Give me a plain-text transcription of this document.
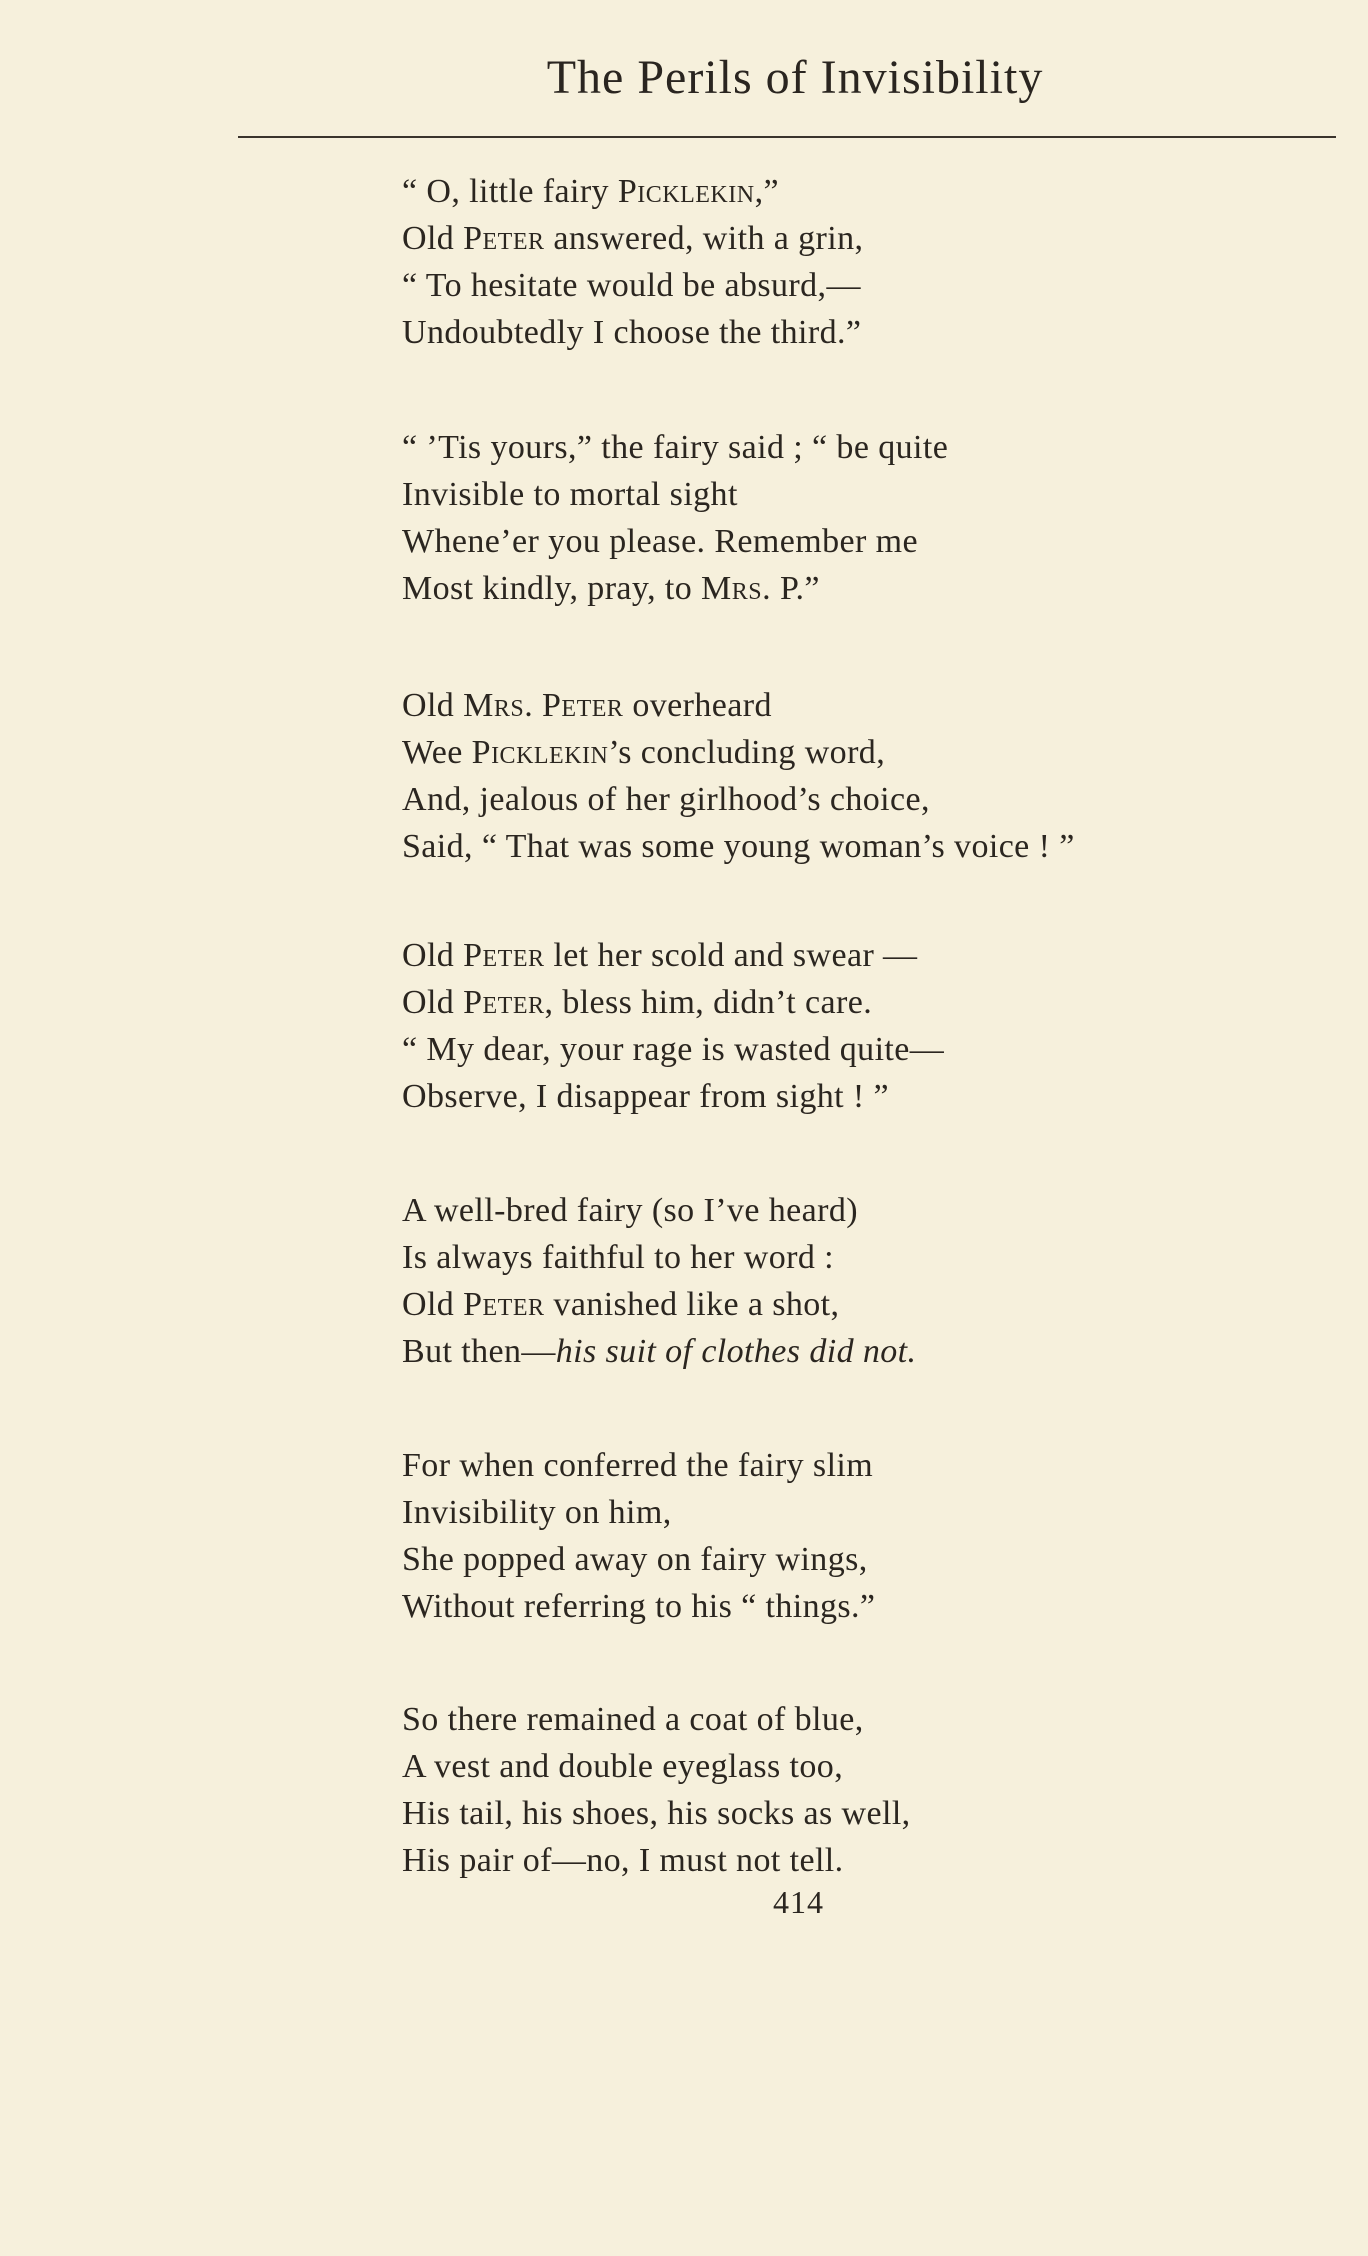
The Perils of Invisibility
“ O, little fairy Picklekin,”
Old Peter answered, with a grin,
“ To hesitate would be absurd,—
Undoubtedly I choose the third.”
“ ’Tis yours,” the fairy said ; “ be quite
Invisible to mortal sight
Whene’er you please. Remember me
Most kindly, pray, to Mrs. P.”
Old Mrs. Peter overheard
Wee Picklekin’s concluding word,
And, jealous of her girlhood’s choice,
Said, “ That was some young woman’s voice ! ”
Old Peter let her scold and swear —
Old Peter, bless him, didn’t care.
“ My dear, your rage is wasted quite—
Observe, I disappear from sight ! ”
A well-bred fairy (so I’ve heard)
Is always faithful to her word :
Old Peter vanished like a shot,
But then—his suit of clothes did not.
For when conferred the fairy slim
Invisibility on him,
She popped away on fairy wings,
Without referring to his “ things.”
So there remained a coat of blue,
A vest and double eyeglass too,
His tail, his shoes, his socks as well,
His pair of—no, I must not tell.
414
